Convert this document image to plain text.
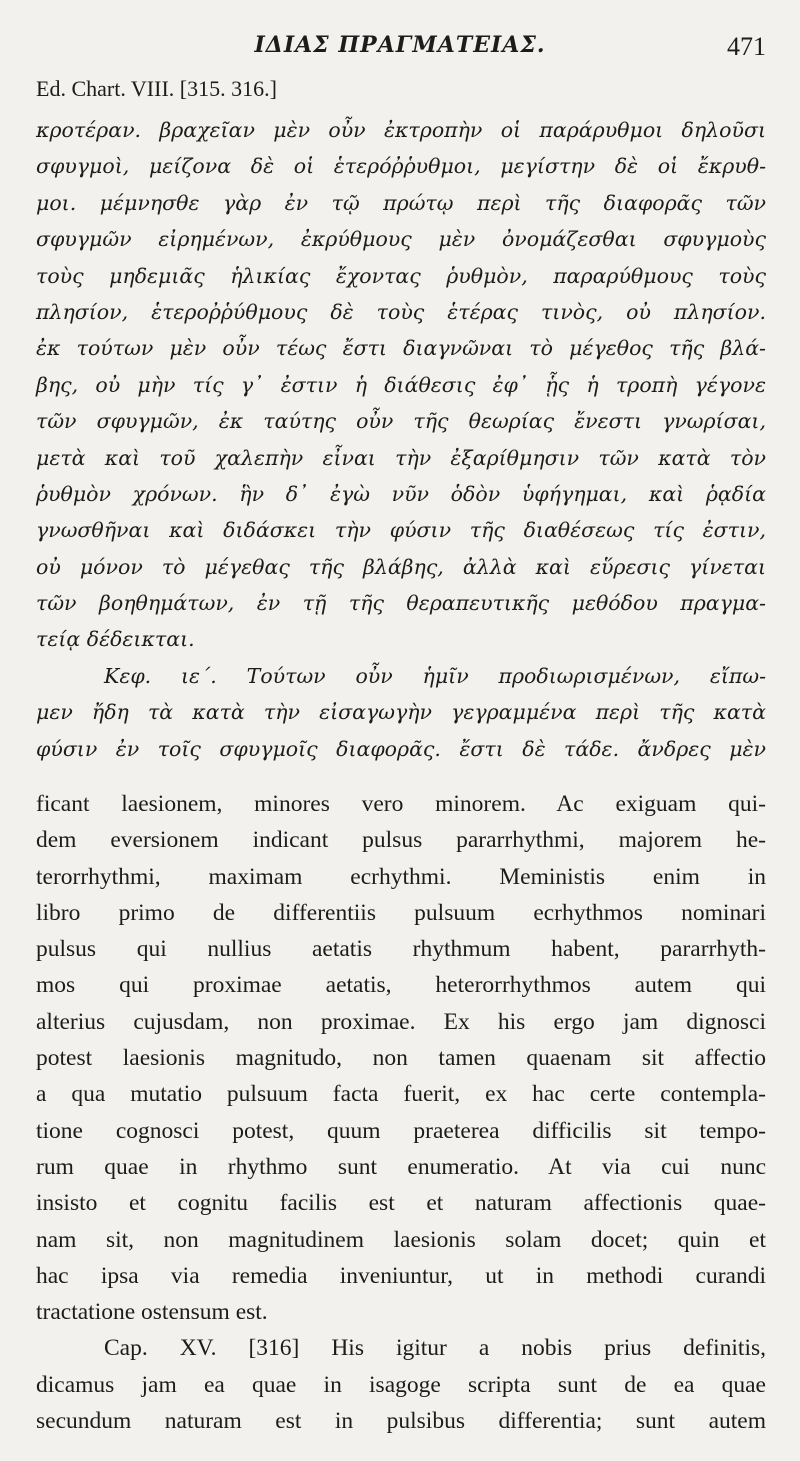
ΙΔΙΑΣ ΠΡΑΓΜΑΤΕΙΑΣ.	471
Ed. Chart. VIII. [315. 316.]
κροτέραν. βραχεῖαν μὲν οὖν ἐκτροπὴν οἱ παράρυθμοι δηλοῦσι
σφυγμοὶ, μείζονα δὲ οἱ ἑτερόῤῥυθμοι, μεγίστην δὲ οἱ ἔκρυθ-
μοι. μέμνησθε γὰρ ἐν τῷ πρώτῳ περὶ τῆς διαφορᾶς τῶν
σφυγμῶν εἰρημένων, ἐκρύθμους μὲν ὀνομάζεσθαι σφυγμοὺς
τοὺς μηδεμιᾶς ἡλικίας ἔχοντας ῥυθμὸν, παραρύθμους τοὺς
πλησίον, ἑτεροῤῥύθμους δὲ τοὺς ἑτέρας τινὸς, οὐ πλησίον.
ἐκ τούτων μὲν οὖν τέως ἔστι διαγνῶναι τὸ μέγεθος τῆς βλά-
βης, οὐ μὴν τίς γ᾽ ἐστιν ἡ διάθεσις ἐφ᾽ ᾗς ἡ τροπὴ γέγονε
τῶν σφυγμῶν, ἐκ ταύτης οὖν τῆς θεωρίας ἔνεστι γνωρίσαι,
μετὰ καὶ τοῦ χαλεπὴν εἶναι τὴν ἐξαρίθμησιν τῶν κατὰ τὸν
ῥυθμὸν χρόνων. ἣν δ᾽ ἐγὼ νῦν ὁδὸν ὑφήγημαι, καὶ ῥᾳδία
γνωσθῆναι καὶ διδάσκει τὴν φύσιν τῆς διαθέσεως τίς ἐστιν,
οὐ μόνον τὸ μέγεθας τῆς βλάβης, ἀλλὰ καὶ εὕρεσις γίνεται
τῶν βοηθημάτων, ἐν τῇ τῆς θεραπευτικῆς μεθόδου πραγμα-
τείᾳ δέδεικται.
Κεφ. ιε΄. Τούτων οὖν ἡμῖν προδιωρισμένων, εἴπω-
μεν ἤδη τὰ κατὰ τὴν εἰσαγωγὴν γεγραμμένα περὶ τῆς κατὰ
φύσιν ἐν τοῖς σφυγμοῖς διαφορᾶς. ἔστι δὲ τάδε. ἄνδρες μὲν
ficant laesionem, minores vero minorem. Ac exiguam qui-
dem eversionem indicant pulsus pararrhythmi, majorem he-
terorrhythmi, maximam ecrhythmi. Meministis enim in
libro primo de differentiis pulsuum ecrhythmos nominari
pulsus qui nullius aetatis rhythmum habent, pararrhyth-
mos qui proximae aetatis, heterorrhythmos autem qui
alterius cujusdam, non proximae. Ex his ergo jam dignosci
potest laesionis magnitudo, non tamen quaenam sit affectio
a qua mutatio pulsuum facta fuerit, ex hac certe contempla-
tione cognosci potest, quum praeterea difficilis sit tempo-
rum quae in rhythmo sunt enumeratio. At via cui nunc
insisto et cognitu facilis est et naturam affectionis quae-
nam sit, non magnitudinem laesionis solam docet; quin et
hac ipsa via remedia inveniuntur, ut in methodi curandi
tractatione ostensum est.
Cap. XV. [316] His igitur a nobis prius definitis,
dicamus jam ea quae in isagoge scripta sunt de ea quae
secundum naturam est in pulsibus differentia; sunt autem
